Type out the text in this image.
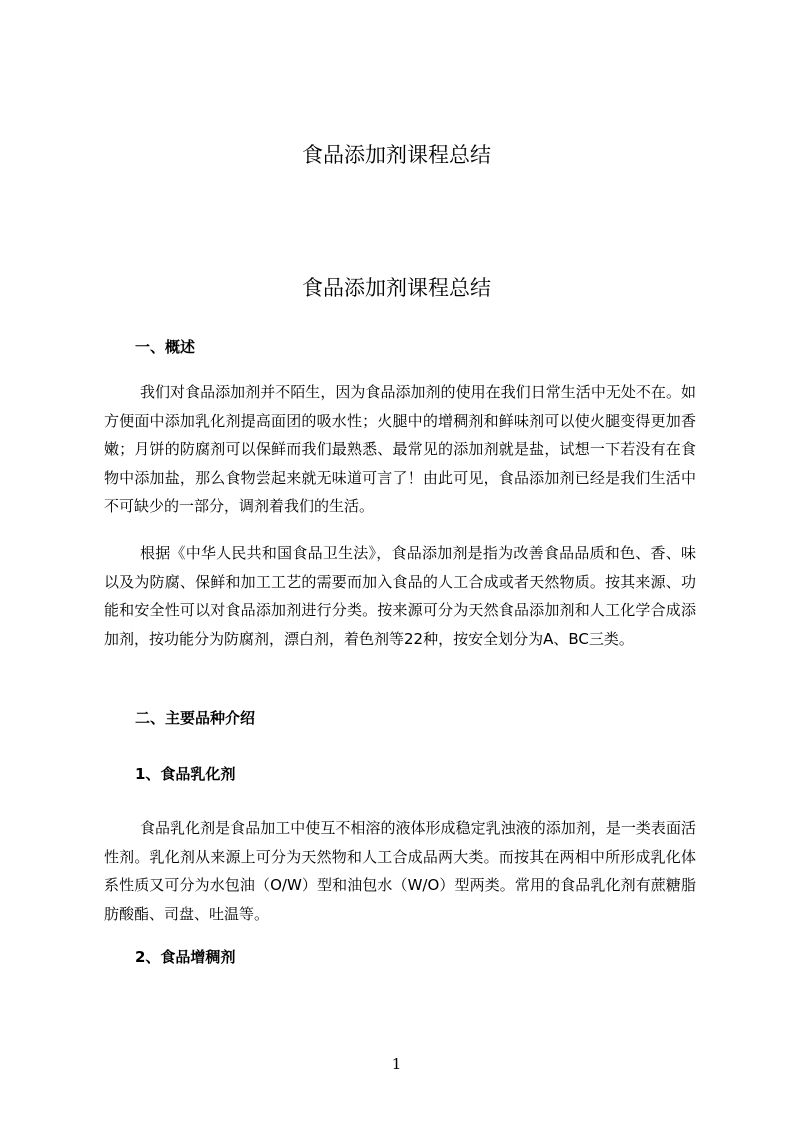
食品添加剂课程总结
食品添加剂课程总结
一、概述

我们对食品添加剂并不陌生，因为食品添加剂的使用在我们日常生活中无处不在。如方便面中添加乳化剂提高面团的吸水性；火腿中的增稠剂和鲜味剂可以使火腿变得更加香嫩；月饼的防腐剂可以保鲜而我们最熟悉、最常见的添加剂就是盐，试想一下若没有在食物中添加盐，那么食物尝起来就无味道可言了！由此可见，食品添加剂已经是我们生活中不可缺少的一部分，调剂着我们的生活。

根据《中华人民共和国食品卫生法》，食品添加剂是指为改善食品品质和色、香、味以及为防腐、保鲜和加工工艺的需要而加入食品的人工合成或者天然物质。按其来源、功能和安全性可以对食品添加剂进行分类。按来源可分为天然食品添加剂和人工化学合成添加剂，按功能分为防腐剂，漂白剂，着色剂等22种，按安全划分为A、BC三类。

二、主要品种介绍
1、食品乳化剂

食品乳化剂是食品加工中使互不相溶的液体形成稳定乳浊液的添加剂，是一类表面活性剂。乳化剂从来源上可分为天然物和人工合成品两大类。而按其在两相中所形成乳化体系性质又可分为水包油（O/W）型和油包水（W/O）型两类。常用的食品乳化剂有蔗糖脂肪酸酯、司盘、吐温等。

2、食品增稠剂
1
